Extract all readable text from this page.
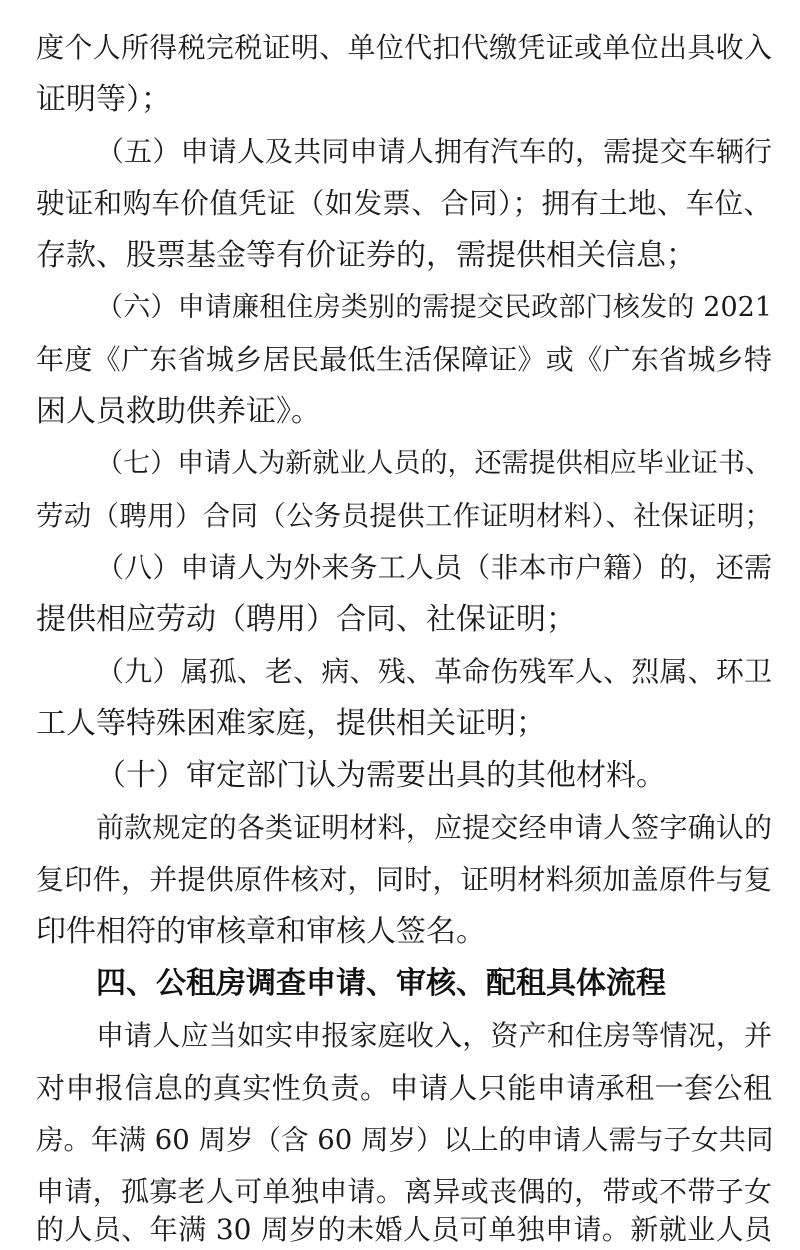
度个人所得税完税证明、单位代扣代缴凭证或单位出具收入
证明等）；
（五）申请人及共同申请人拥有汽车的，需提交车辆行
驶证和购车价值凭证（如发票、合同）；拥有土地、车位、
存款、股票基金等有价证券的，需提供相关信息；
（六）申请廉租住房类别的需提交民政部门核发的 2021
年度《广东省城乡居民最低生活保障证》或《广东省城乡特
困人员救助供养证》。
（七）申请人为新就业人员的，还需提供相应毕业证书、
劳动（聘用）合同（公务员提供工作证明材料）、社保证明；
（八）申请人为外来务工人员（非本市户籍）的，还需
提供相应劳动（聘用）合同、社保证明；
（九）属孤、老、病、残、革命伤残军人、烈属、环卫
工人等特殊困难家庭，提供相关证明；
（十）审定部门认为需要出具的其他材料。
前款规定的各类证明材料，应提交经申请人签字确认的
复印件，并提供原件核对，同时，证明材料须加盖原件与复
印件相符的审核章和审核人签名。
四、公租房调查申请、审核、配租具体流程
申请人应当如实申报家庭收入，资产和住房等情况，并
对申报信息的真实性负责。申请人只能申请承租一套公租
房。年满 60 周岁（含 60 周岁）以上的申请人需与子女共同
申请，孤寡老人可单独申请。离异或丧偶的，带或不带子女
的人员、年满 30 周岁的未婚人员可单独申请。新就业人员
